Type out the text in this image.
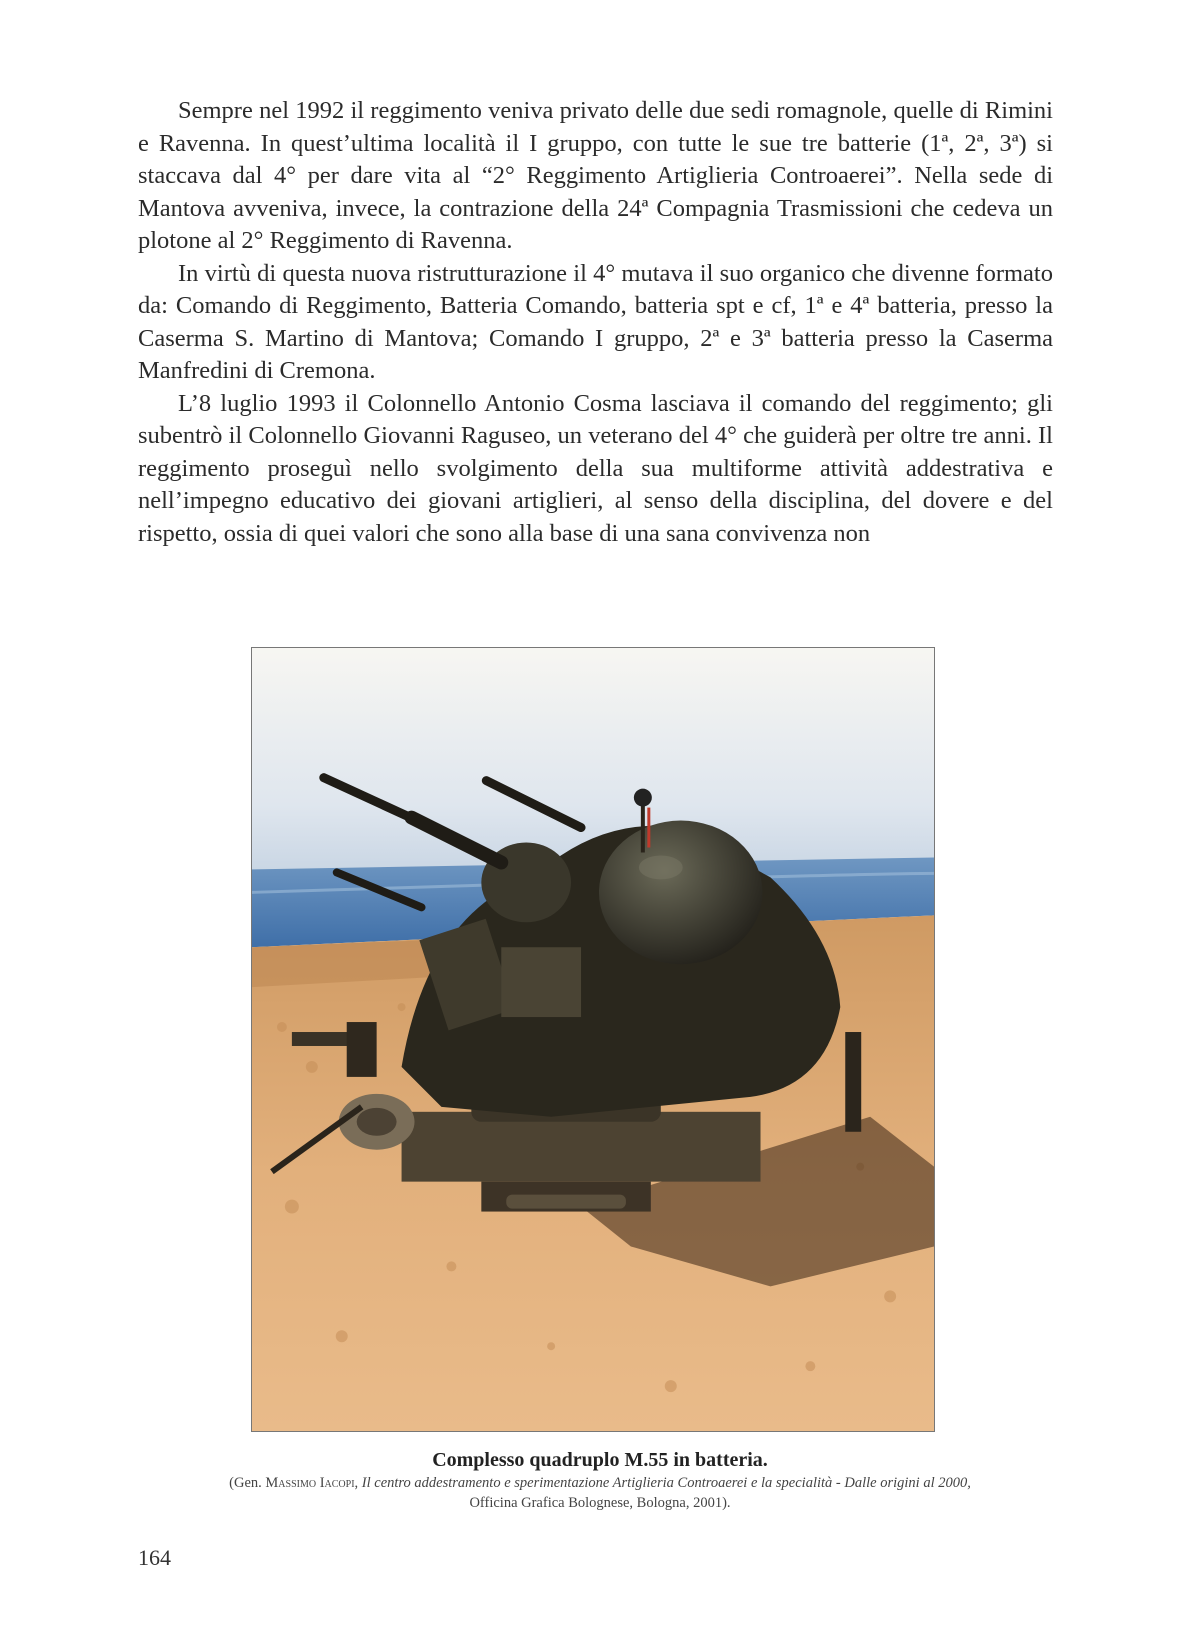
Sempre nel 1992 il reggimento veniva privato delle due sedi romagnole, quelle di Rimini e Ravenna. In quest’ultima località il I gruppo, con tutte le sue tre batterie (1ª, 2ª, 3ª) si staccava dal 4° per dare vita al “2° Reggimento Artiglieria Controaerei”. Nella sede di Mantova avveniva, invece, la contrazione della 24ª Compagnia Trasmissioni che cedeva un plotone al 2° Reggimento di Ravenna.

In virtù di questa nuova ristrutturazione il 4° mutava il suo organico che divenne formato da: Comando di Reggimento, Batteria Comando, batteria spt e cf, 1ª e 4ª batteria, presso la Caserma S. Martino di Mantova; Comando I gruppo, 2ª e 3ª batteria presso la Caserma Manfredini di Cremona.

L’8 luglio 1993 il Colonnello Antonio Cosma lasciava il comando del reggimento; gli subentrò il Colonnello Giovanni Raguseo, un veterano del 4° che guiderà per oltre tre anni. Il reggimento proseguì nello svolgimento della sua multiforme attività addestrativa e nell’impegno educativo dei giovani artiglieri, al senso della disciplina, del dovere e del rispetto, ossia di quei valori che sono alla base di una sana convivenza non

Complesso quadruplo M.55 in batteria.
(Gen. Massimo Iacopi, Il centro addestramento e sperimentazione Artiglieria Controaerei e la specialità - Dalle origini al 2000,
Officina Grafica Bolognese, Bologna, 2001).
164
